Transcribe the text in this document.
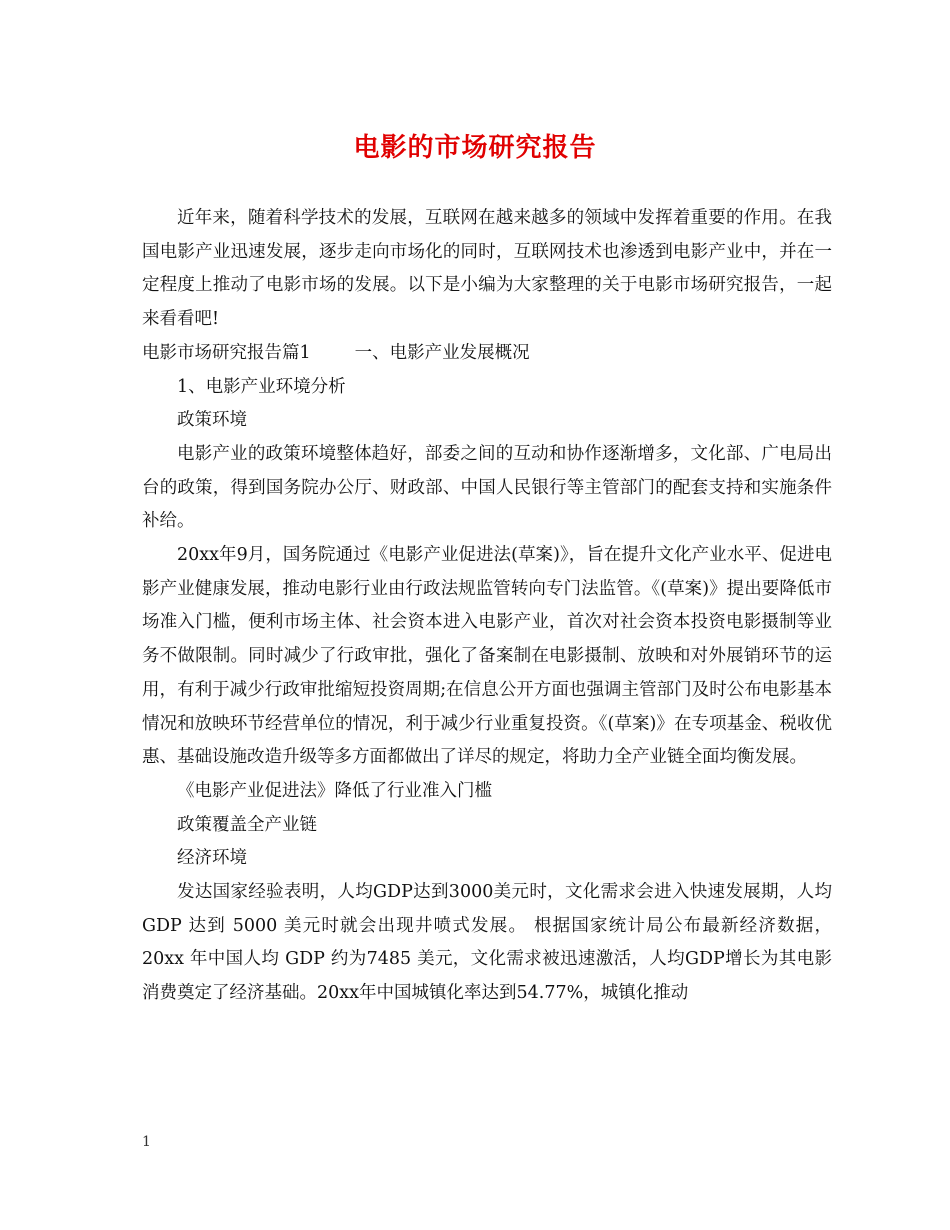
电影的市场研究报告

近年来，随着科学技术的发展，互联网在越来越多的领域中发挥着重要的作用。在我国电影产业迅速发展，逐步走向市场化的同时，互联网技术也渗透到电影产业中，并在一定程度上推动了电影市场的发展。以下是小编为大家整理的关于电影市场研究报告，一起来看看吧!

电影市场研究报告篇1	一、电影产业发展概况

1、电影产业环境分析

政策环境

电影产业的政策环境整体趋好，部委之间的互动和协作逐渐增多，文化部、广电局出台的政策，得到国务院办公厅、财政部、中国人民银行等主管部门的配套支持和实施条件补给。

20xx年9月，国务院通过《电影产业促进法(草案)》，旨在提升文化产业水平、促进电影产业健康发展，推动电影行业由行政法规监管转向专门法监管。《(草案)》提出要降低市场准入门槛，便利市场主体、社会资本进入电影产业，首次对社会资本投资电影摄制等业务不做限制。同时减少了行政审批，强化了备案制在电影摄制、放映和对外展销环节的运用，有利于减少行政审批缩短投资周期;在信息公开方面也强调主管部门及时公布电影基本情况和放映环节经营单位的情况，利于减少行业重复投资。《(草案)》在专项基金、税收优惠、基础设施改造升级等多方面都做出了详尽的规定，将助力全产业链全面均衡发展。

《电影产业促进法》降低了行业准入门槛

政策覆盖全产业链

经济环境

发达国家经验表明，人均GDP达到3000美元时，文化需求会进入快速发展期，人均 GDP 达到 5000 美元时就会出现井喷式发展。 根据国家统计局公布最新经济数据，20xx 年中国人均 GDP 约为7485 美元，文化需求被迅速激活，人均GDP增长为其电影消费奠定了经济基础。20xx年中国城镇化率达到54.77%，城镇化推动

1
